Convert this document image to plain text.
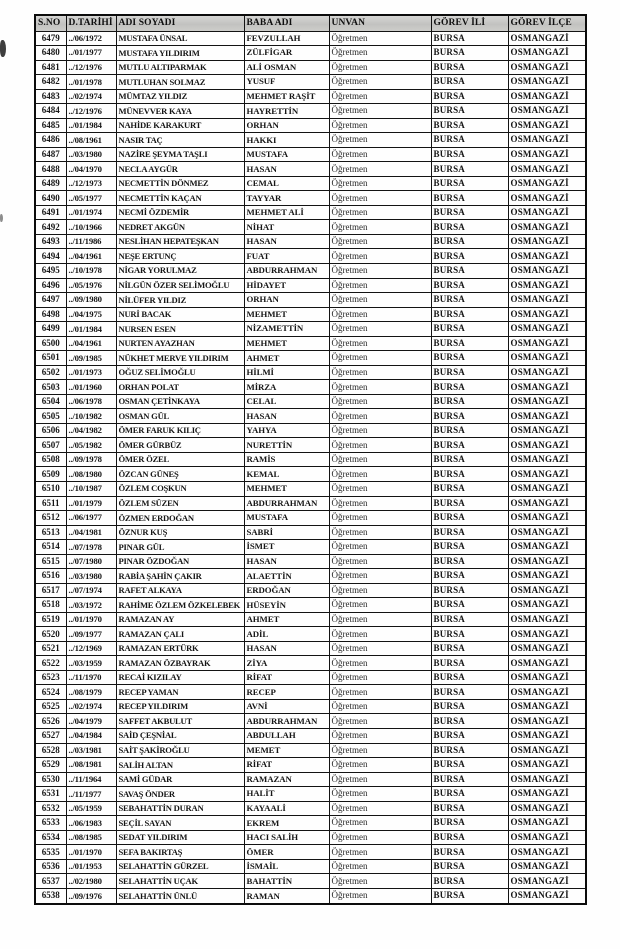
S.NO	D.TARİHİ	ADI SOYADI	BABA ADI	UNVAN	GÖREV İLİ	GÖREV İLÇE
6479	../06/1972	MUSTAFA ÜNSAL	FEVZULLAH	Öğretmen	BURSA	OSMANGAZİ
6480	../01/1977	MUSTAFA YILDIRIM	ZÜLFİGAR	Öğretmen	BURSA	OSMANGAZİ
6481	../12/1976	MUTLU ALTIPARMAK	ALİ OSMAN	Öğretmen	BURSA	OSMANGAZİ
6482	../01/1978	MUTLUHAN SOLMAZ	YUSUF	Öğretmen	BURSA	OSMANGAZİ
6483	../02/1974	MÜMTAZ YILDIZ	MEHMET RAŞİT	Öğretmen	BURSA	OSMANGAZİ
6484	../12/1976	MÜNEVVER KAYA	HAYRETTİN	Öğretmen	BURSA	OSMANGAZİ
6485	../01/1984	NAHİDE KARAKURT	ORHAN	Öğretmen	BURSA	OSMANGAZİ
6486	../08/1961	NASIR TAÇ	HAKKI	Öğretmen	BURSA	OSMANGAZİ
6487	../03/1980	NAZİRE ŞEYMA TAŞLI	MUSTAFA	Öğretmen	BURSA	OSMANGAZİ
6488	../04/1970	NECLA AYGÜR	HASAN	Öğretmen	BURSA	OSMANGAZİ
6489	../12/1973	NECMETTİN DÖNMEZ	CEMAL	Öğretmen	BURSA	OSMANGAZİ
6490	../05/1977	NECMETTİN KAÇAN	TAYYAR	Öğretmen	BURSA	OSMANGAZİ
6491	../01/1974	NECMİ ÖZDEMİR	MEHMET ALİ	Öğretmen	BURSA	OSMANGAZİ
6492	../10/1966	NEDRET AKGÜN	NİHAT	Öğretmen	BURSA	OSMANGAZİ
6493	../11/1986	NESLİHAN HEPATEŞKAN	HASAN	Öğretmen	BURSA	OSMANGAZİ
6494	../04/1961	NEŞE ERTUNÇ	FUAT	Öğretmen	BURSA	OSMANGAZİ
6495	../10/1978	NİGAR YORULMAZ	ABDURRAHMAN	Öğretmen	BURSA	OSMANGAZİ
6496	../05/1976	NİLGÜN ÖZER SELİMOĞLU	HİDAYET	Öğretmen	BURSA	OSMANGAZİ
6497	../09/1980	NİLÜFER YILDIZ	ORHAN	Öğretmen	BURSA	OSMANGAZİ
6498	../04/1975	NURİ BACAK	MEHMET	Öğretmen	BURSA	OSMANGAZİ
6499	../01/1984	NURSEN ESEN	NİZAMETTİN	Öğretmen	BURSA	OSMANGAZİ
6500	../04/1961	NURTEN AYAZHAN	MEHMET	Öğretmen	BURSA	OSMANGAZİ
6501	../09/1985	NÜKHET MERVE YILDIRIM	AHMET	Öğretmen	BURSA	OSMANGAZİ
6502	../01/1973	OĞUZ SELİMOĞLU	HİLMİ	Öğretmen	BURSA	OSMANGAZİ
6503	../01/1960	ORHAN POLAT	MİRZA	Öğretmen	BURSA	OSMANGAZİ
6504	../06/1978	OSMAN ÇETİNKAYA	CELAL	Öğretmen	BURSA	OSMANGAZİ
6505	../10/1982	OSMAN GÜL	HASAN	Öğretmen	BURSA	OSMANGAZİ
6506	../04/1982	ÖMER FARUK KILIÇ	YAHYA	Öğretmen	BURSA	OSMANGAZİ
6507	../05/1982	ÖMER GÜRBÜZ	NURETTİN	Öğretmen	BURSA	OSMANGAZİ
6508	../09/1978	ÖMER ÖZEL	RAMİS	Öğretmen	BURSA	OSMANGAZİ
6509	../08/1980	ÖZCAN GÜNEŞ	KEMAL	Öğretmen	BURSA	OSMANGAZİ
6510	../10/1987	ÖZLEM COŞKUN	MEHMET	Öğretmen	BURSA	OSMANGAZİ
6511	../01/1979	ÖZLEM SÜZEN	ABDURRAHMAN	Öğretmen	BURSA	OSMANGAZİ
6512	../06/1977	ÖZMEN ERDOĞAN	MUSTAFA	Öğretmen	BURSA	OSMANGAZİ
6513	../04/1981	ÖZNUR KUŞ	SABRİ	Öğretmen	BURSA	OSMANGAZİ
6514	../07/1978	PINAR GÜL	İSMET	Öğretmen	BURSA	OSMANGAZİ
6515	../07/1980	PINAR ÖZDOĞAN	HASAN	Öğretmen	BURSA	OSMANGAZİ
6516	../03/1980	RABİA ŞAHİN ÇAKIR	ALAETTİN	Öğretmen	BURSA	OSMANGAZİ
6517	../07/1974	RAFET ALKAYA	ERDOĞAN	Öğretmen	BURSA	OSMANGAZİ
6518	../03/1972	RAHİME ÖZLEM ÖZKELEBEK	HÜSEYİN	Öğretmen	BURSA	OSMANGAZİ
6519	../01/1970	RAMAZAN AY	AHMET	Öğretmen	BURSA	OSMANGAZİ
6520	../09/1977	RAMAZAN ÇALI	ADİL	Öğretmen	BURSA	OSMANGAZİ
6521	../12/1969	RAMAZAN ERTÜRK	HASAN	Öğretmen	BURSA	OSMANGAZİ
6522	../03/1959	RAMAZAN ÖZBAYRAK	ZİYA	Öğretmen	BURSA	OSMANGAZİ
6523	../11/1970	RECAİ KIZILAY	RİFAT	Öğretmen	BURSA	OSMANGAZİ
6524	../08/1979	RECEP YAMAN	RECEP	Öğretmen	BURSA	OSMANGAZİ
6525	../02/1974	RECEP YILDIRIM	AVNİ	Öğretmen	BURSA	OSMANGAZİ
6526	../04/1979	SAFFET AKBULUT	ABDURRAHMAN	Öğretmen	BURSA	OSMANGAZİ
6527	../04/1984	SAİD ÇEŞNİAL	ABDULLAH	Öğretmen	BURSA	OSMANGAZİ
6528	../03/1981	SAİT ŞAKİROĞLU	MEMET	Öğretmen	BURSA	OSMANGAZİ
6529	../08/1981	SALİH ALTAN	RİFAT	Öğretmen	BURSA	OSMANGAZİ
6530	../11/1964	SAMİ GÜDAR	RAMAZAN	Öğretmen	BURSA	OSMANGAZİ
6531	../11/1977	SAVAŞ ÖNDER	HALİT	Öğretmen	BURSA	OSMANGAZİ
6532	../05/1959	SEBAHATTİN DURAN	KAYAALİ	Öğretmen	BURSA	OSMANGAZİ
6533	../06/1983	SEÇİL SAYAN	EKREM	Öğretmen	BURSA	OSMANGAZİ
6534	../08/1985	SEDAT YILDIRIM	HACI SALİH	Öğretmen	BURSA	OSMANGAZİ
6535	../01/1970	SEFA BAKIRTAŞ	ÖMER	Öğretmen	BURSA	OSMANGAZİ
6536	../01/1953	SELAHATTİN GÜRZEL	İSMAİL	Öğretmen	BURSA	OSMANGAZİ
6537	../02/1980	SELAHATTİN UÇAK	BAHATTİN	Öğretmen	BURSA	OSMANGAZİ
6538	../09/1976	SELAHATTİN ÜNLÜ	RAMAN	Öğretmen	BURSA	OSMANGAZİ
